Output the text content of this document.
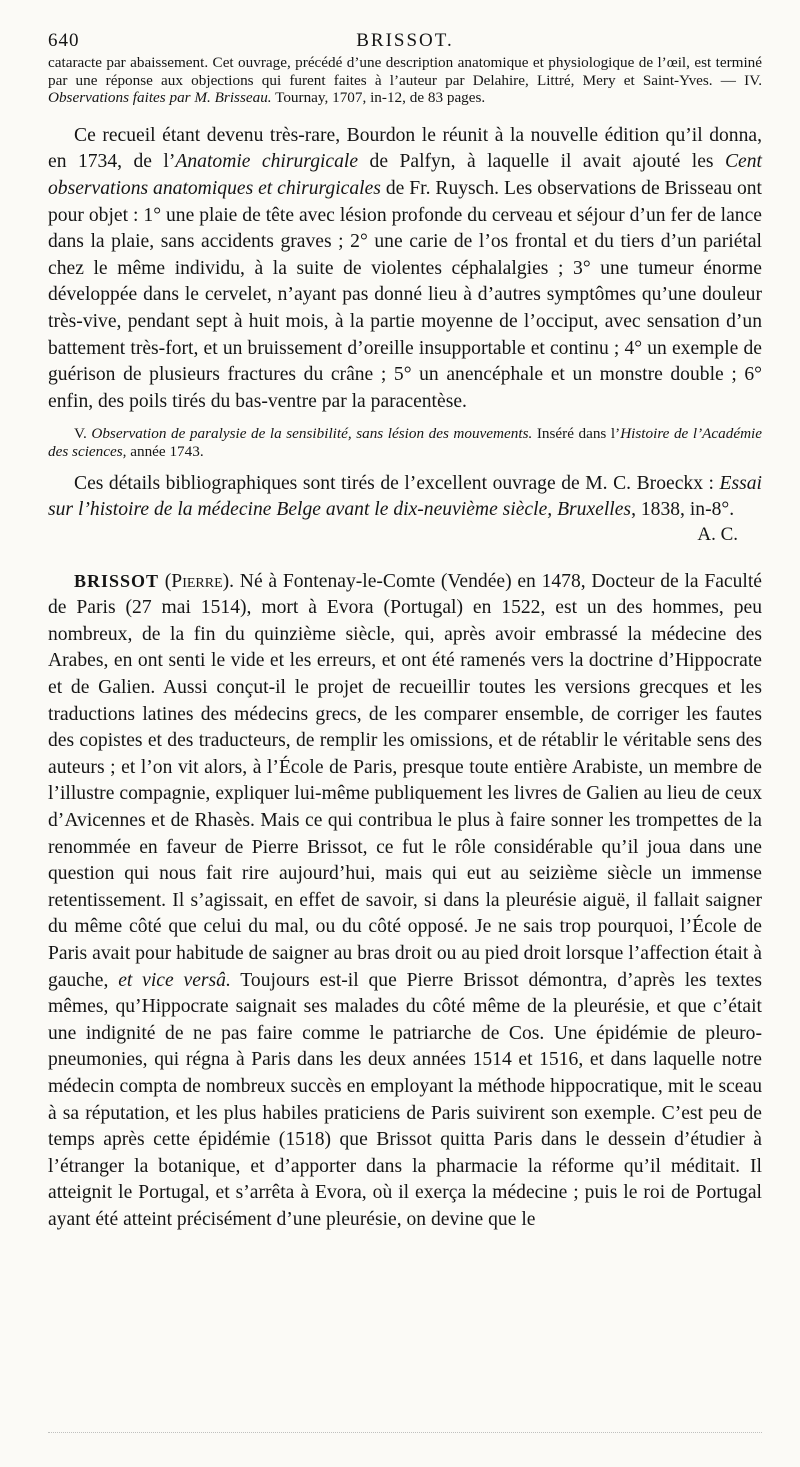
640	BRISSOT.

cataracte par abaissement. Cet ouvrage, précédé d’une description anatomique et physiologique de l’œil, est terminé par une réponse aux objections qui furent faites à l’auteur par Delahire, Littré, Mery et Saint-Yves. — IV. Observations faites par M. Brisseau. Tournay, 1707, in-12, de 83 pages.

Ce recueil étant devenu très-rare, Bourdon le réunit à la nouvelle édition qu’il donna, en 1734, de l’Anatomie chirurgicale de Palfyn, à laquelle il avait ajouté les Cent observations anatomiques et chirurgicales de Fr. Ruysch. Les observations de Brisseau ont pour objet : 1° une plaie de tête avec lésion profonde du cerveau et séjour d’un fer de lance dans la plaie, sans accidents graves ; 2° une carie de l’os frontal et du tiers d’un pariétal chez le même individu, à la suite de violentes céphalalgies ; 3° une tumeur énorme développée dans le cervelet, n’ayant pas donné lieu à d’autres symptômes qu’une douleur très-vive, pendant sept à huit mois, à la partie moyenne de l’occiput, avec sensation d’un battement très-fort, et un bruissement d’oreille insupportable et continu ; 4° un exemple de guérison de plusieurs fractures du crâne ; 5° un anencéphale et un monstre double ; 6° enfin, des poils tirés du bas-ventre par la paracentèse.

V. Observation de paralysie de la sensibilité, sans lésion des mouvements. Inséré dans l’Histoire de l’Académie des sciences, année 1743.

Ces détails bibliographiques sont tirés de l’excellent ouvrage de M. C. Broeckx : Essai sur l’histoire de la médecine Belge avant le dix-neuvième siècle, Bruxelles, 1838, in-8°.

A. C.

BRISSOT (Pierre). Né à Fontenay-le-Comte (Vendée) en 1478, Docteur de la Faculté de Paris (27 mai 1514), mort à Evora (Portugal) en 1522, est un des hommes, peu nombreux, de la fin du quinzième siècle, qui, après avoir embrassé la médecine des Arabes, en ont senti le vide et les erreurs, et ont été ramenés vers la doctrine d’Hippocrate et de Galien. Aussi conçut-il le projet de recueillir toutes les versions grecques et les traductions latines des médecins grecs, de les comparer ensemble, de corriger les fautes des copistes et des traducteurs, de remplir les omissions, et de rétablir le véritable sens des auteurs ; et l’on vit alors, à l’École de Paris, presque toute entière Arabiste, un membre de l’illustre compagnie, expliquer lui-même publiquement les livres de Galien au lieu de ceux d’Avicennes et de Rhasès. Mais ce qui contribua le plus à faire sonner les trompettes de la renommée en faveur de Pierre Brissot, ce fut le rôle considérable qu’il joua dans une question qui nous fait rire aujourd’hui, mais qui eut au seizième siècle un immense retentissement. Il s’agissait, en effet de savoir, si dans la pleurésie aiguë, il fallait saigner du même côté que celui du mal, ou du côté opposé. Je ne sais trop pourquoi, l’École de Paris avait pour habitude de saigner au bras droit ou au pied droit lorsque l’affection était à gauche, et vice versâ. Toujours est-il que Pierre Brissot démontra, d’après les textes mêmes, qu’Hippocrate saignait ses malades du côté même de la pleurésie, et que c’était une indignité de ne pas faire comme le patriarche de Cos. Une épidémie de pleuro-pneumonies, qui régna à Paris dans les deux années 1514 et 1516, et dans laquelle notre médecin compta de nombreux succès en employant la méthode hippocratique, mit le sceau à sa réputation, et les plus habiles praticiens de Paris suivirent son exemple. C’est peu de temps après cette épidémie (1518) que Brissot quitta Paris dans le dessein d’étudier à l’étranger la botanique, et d’apporter dans la pharmacie la réforme qu’il méditait. Il atteignit le Portugal, et s’arrêta à Evora, où il exerça la médecine ; puis le roi de Portugal ayant été atteint précisément d’une pleurésie, on devine que le
